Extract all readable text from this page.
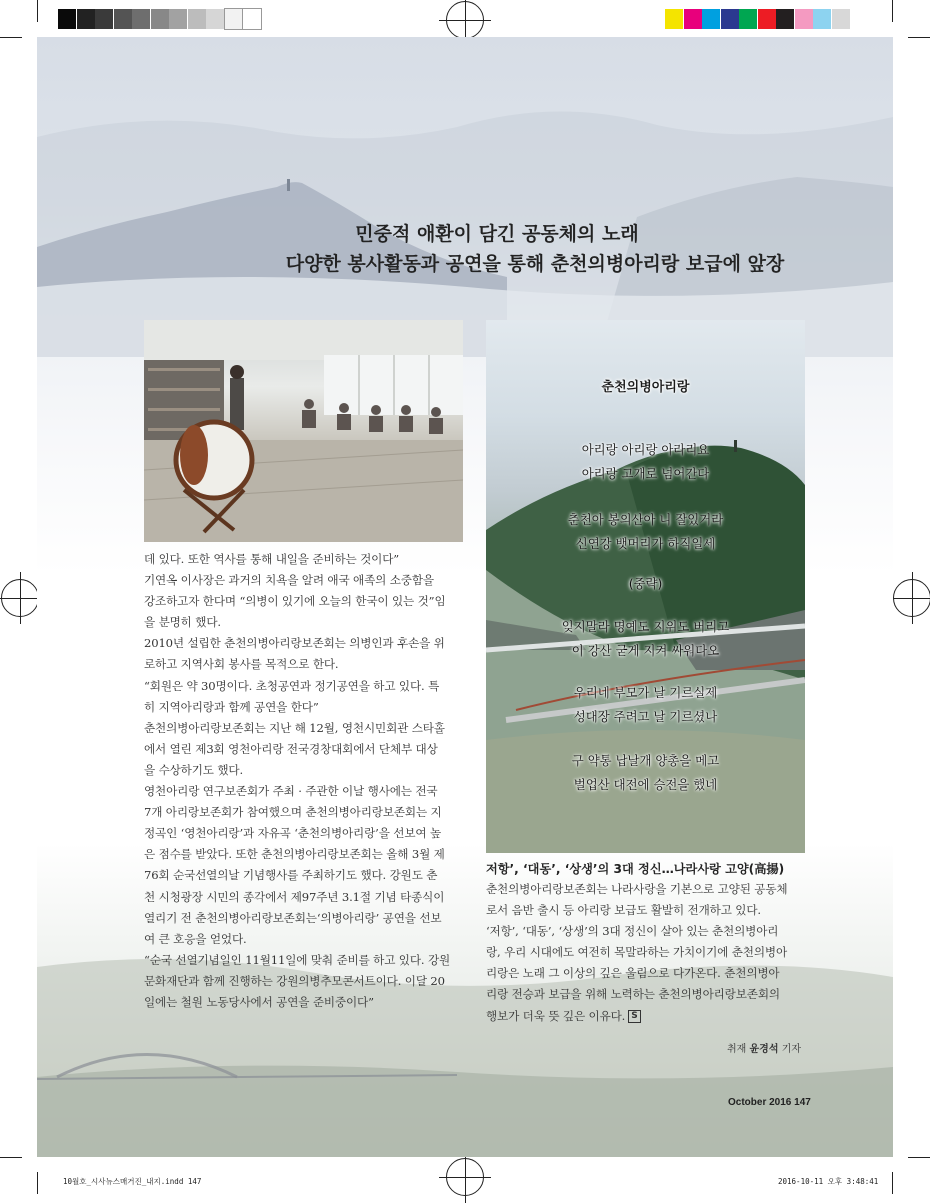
민중적 애환이 담긴 공동체의 노래
다양한 봉사활동과 공연을 통해 춘천의병아리랑 보급에 앞장

데 있다. 또한 역사를 통해 내일을 준비하는 것이다”

기연옥 이사장은 과거의 치욕을 알려 애국 애족의 소중함을

강조하고자 한다며 “의병이 있기에 오늘의 한국이 있는 것”임

을 분명히 했다.

2010년 설립한 춘천의병아리랑보존회는 의병인과 후손을 위

로하고 지역사회 봉사를 목적으로 한다.

“회원은 약 30명이다. 초청공연과 정기공연을 하고 있다. 특

히 지역아리랑과 함께 공연을 한다”

춘천의병아리랑보존회는 지난 해 12월, 영천시민회관 스타홀

에서 열린 제3회 영천아리랑 전국경창대회에서 단체부 대상

을 수상하기도 했다.

영천아리랑 연구보존회가 주최 · 주관한 이날 행사에는 전국

7개 아리랑보존회가 참여했으며 춘천의병아리랑보존회는 지

정곡인 ‘영천아리랑’과 자유곡 ‘춘천의병아리랑’을 선보여 높

은 점수를 받았다. 또한 춘천의병아리랑보존회는 올해 3월 제

76회 순국선열의날 기념행사를 주최하기도 했다. 강원도 춘

천 시청광장 시민의 종각에서 제97주년 3.1절 기념 타종식이

열리기 전 춘천의병아리랑보존회는‘의병아리랑’ 공연을 선보

여 큰 호응을 얻었다.

“순국 선열기념일인 11월11일에 맞춰 준비를 하고 있다. 강원

문화재단과 함께 진행하는 강원의병추모콘서트이다. 이달 20

일에는 철원 노동당사에서 공연을 준비중이다”

춘천의병아리랑
아리랑 아리랑 아라리요
아리랑 고개로 넘어간다
춘천아 봉의산아 니 잘있거라
신연강 뱃머리가 하직일세
(중략)
잊지말라 명예도 지위도 버리고
이 강산 굳게 지켜 싸워다오
우리네 부모가 날 기르실제
성대장 주려고 날 기르셨나
구 약통 납날개 양총을 메고
벌업산 대전에 승전을 했네
저항’, ‘대동’, ‘상생’의 3대 정신…나라사랑 고양(高揚)

춘천의병아리랑보존회는 나라사랑을 기본으로 고양된 공동체

로서 음반 출시 등 아리랑 보급도 활발히 전개하고 있다.

‘저항’, ‘대동’, ‘상생’의 3대 정신이 살아 있는 춘천의병아리

랑, 우리 시대에도 여전히 목말라하는 가치이기에 춘천의병아

리랑은 노래 그 이상의 깊은 울림으로 다가온다. 춘천의병아

리랑 전승과 보급을 위해 노력하는 춘천의병아리랑보존회의

행보가 더욱 뜻 깊은 이유다. S

취재 윤경석 기자
October 2016 147
10월호_시사뉴스매거진_내지.indd 147	2016-10-11 오후 3:48:41
